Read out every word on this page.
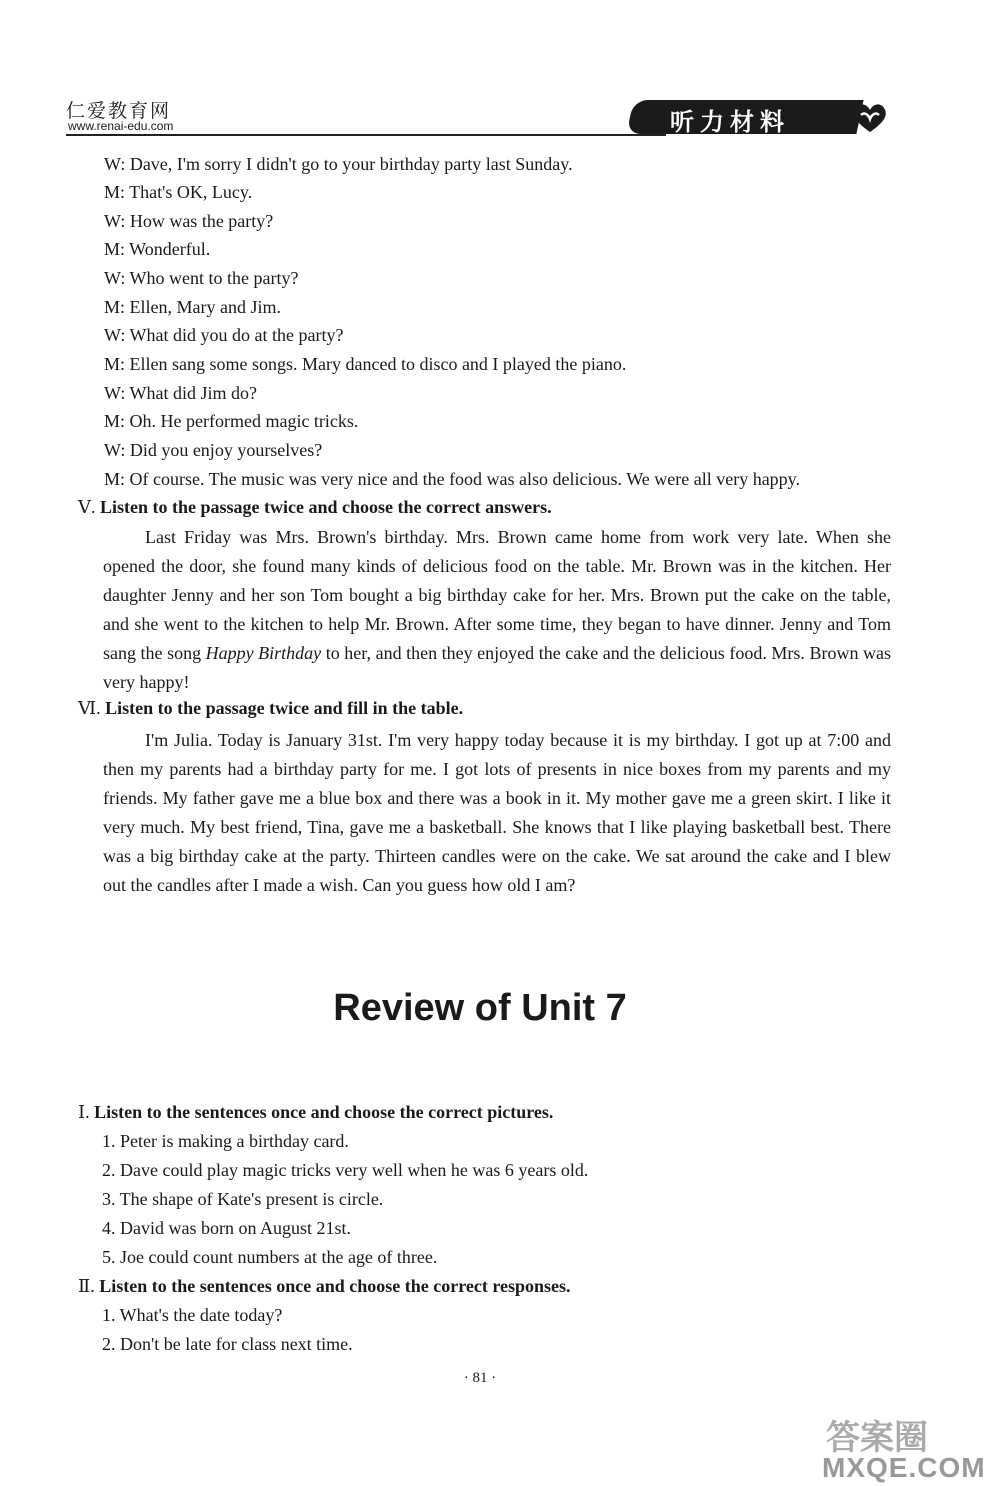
仁爱教育网
www.renai-edu.com	听力材料
W: Dave, I'm sorry I didn't go to your birthday party last Sunday.
M: That's OK, Lucy.
W: How was the party?
M: Wonderful.
W: Who went to the party?
M: Ellen, Mary and Jim.
W: What did you do at the party?
M: Ellen sang some songs. Mary danced to disco and I played the piano.
W: What did Jim do?
M: Oh. He performed magic tricks.
W: Did you enjoy yourselves?
M: Of course. The music was very nice and the food was also delicious. We were all very happy.
Ⅴ. Listen to the passage twice and choose the correct answers.
Last Friday was Mrs. Brown's birthday. Mrs. Brown came home from work very late. When she opened the door, she found many kinds of delicious food on the table. Mr. Brown was in the kitchen. Her daughter Jenny and her son Tom bought a big birthday cake for her. Mrs. Brown put the cake on the table, and she went to the kitchen to help Mr. Brown. After some time, they began to have dinner. Jenny and Tom sang the song Happy Birthday to her, and then they enjoyed the cake and the delicious food. Mrs. Brown was very happy!
Ⅵ. Listen to the passage twice and fill in the table.
I'm Julia. Today is January 31st. I'm very happy today because it is my birthday. I got up at 7:00 and then my parents had a birthday party for me. I got lots of presents in nice boxes from my parents and my friends. My father gave me a blue box and there was a book in it. My mother gave me a green skirt. I like it very much. My best friend, Tina, gave me a basketball. She knows that I like playing basketball best. There was a big birthday cake at the party. Thirteen candles were on the cake. We sat around the cake and I blew out the candles after I made a wish. Can you guess how old I am?
Review of Unit 7
Ⅰ. Listen to the sentences once and choose the correct pictures.
1. Peter is making a birthday card.
2. Dave could play magic tricks very well when he was 6 years old.
3. The shape of Kate's present is circle.
4. David was born on August 21st.
5. Joe could count numbers at the age of three.
Ⅱ. Listen to the sentences once and choose the correct responses.
1. What's the date today?
2. Don't be late for class next time.
· 81 ·
答案圈
MXQE.COM
